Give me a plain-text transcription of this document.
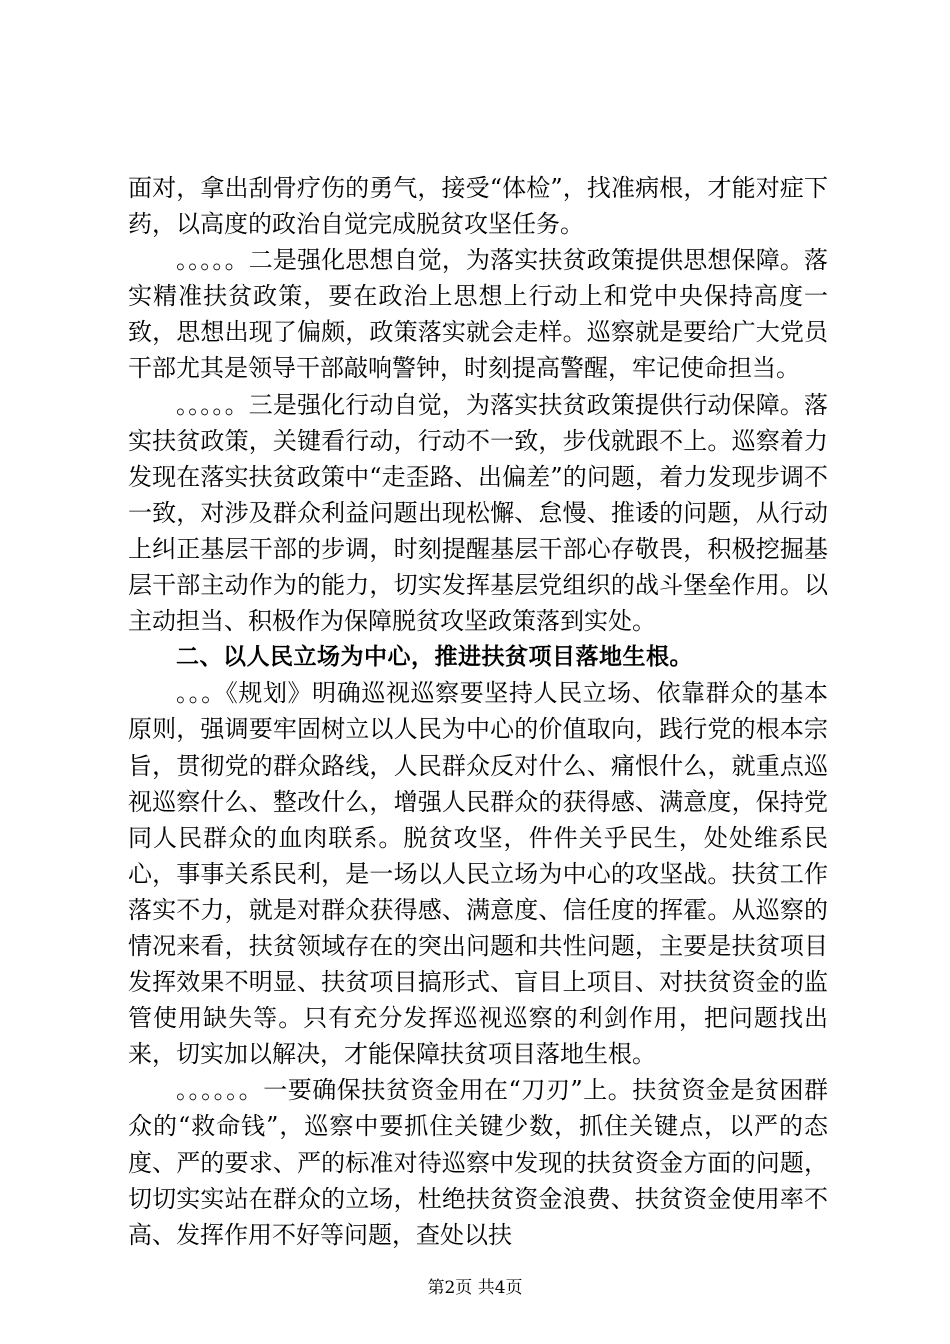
面对，拿出刮骨疗伤的勇气，接受“体检”，找准病根，才能对症下药，以高度的政治自觉完成脱贫攻坚任务。

。。。。。二是强化思想自觉，为落实扶贫政策提供思想保障。落实精准扶贫政策，要在政治上思想上行动上和党中央保持高度一致，思想出现了偏颇，政策落实就会走样。巡察就是要给广大党员干部尤其是领导干部敲响警钟，时刻提高警醒，牢记使命担当。

。。。。。三是强化行动自觉，为落实扶贫政策提供行动保障。落实扶贫政策，关键看行动，行动不一致，步伐就跟不上。巡察着力发现在落实扶贫政策中“走歪路、出偏差”的问题，着力发现步调不一致，对涉及群众利益问题出现松懈、怠慢、推诿的问题，从行动上纠正基层干部的步调，时刻提醒基层干部心存敬畏，积极挖掘基层干部主动作为的能力，切实发挥基层党组织的战斗堡垒作用。以主动担当、积极作为保障脱贫攻坚政策落到实处。

二、以人民立场为中心，推进扶贫项目落地生根。

。。。《规划》明确巡视巡察要坚持人民立场、依靠群众的基本原则，强调要牢固树立以人民为中心的价值取向，践行党的根本宗旨，贯彻党的群众路线，人民群众反对什么、痛恨什么，就重点巡视巡察什么、整改什么，增强人民群众的获得感、满意度，保持党同人民群众的血肉联系。脱贫攻坚，件件关乎民生，处处维系民心，事事关系民利，是一场以人民立场为中心的攻坚战。扶贫工作落实不力，就是对群众获得感、满意度、信任度的挥霍。从巡察的情况来看，扶贫领域存在的突出问题和共性问题，主要是扶贫项目发挥效果不明显、扶贫项目搞形式、盲目上项目、对扶贫资金的监管使用缺失等。只有充分发挥巡视巡察的利剑作用，把问题找出来，切实加以解决，才能保障扶贫项目落地生根。

。。。。。。一要确保扶贫资金用在“刀刃”上。扶贫资金是贫困群众的“救命钱”，巡察中要抓住关键少数，抓住关键点，以严的态度、严的要求、严的标准对待巡察中发现的扶贫资金方面的问题，切切实实站在群众的立场，杜绝扶贫资金浪费、扶贫资金使用率不高、发挥作用不好等问题，查处以扶

第2页 共4页
